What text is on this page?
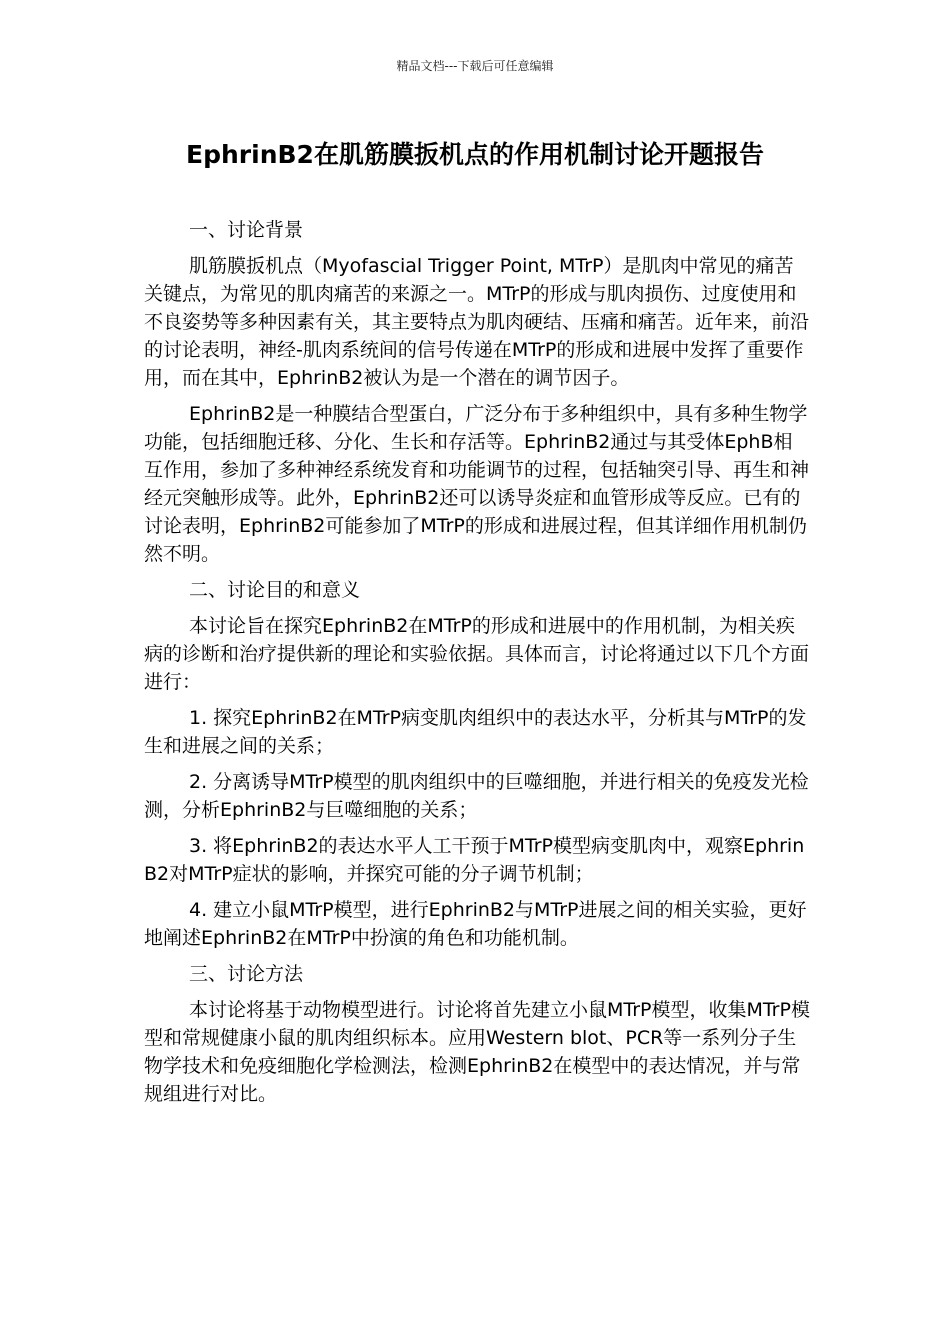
精品文档---下载后可任意编辑
EphrinB2在肌筋膜扳机点的作用机制讨论开题报告

一、讨论背景

肌筋膜扳机点（Myofascial Trigger Point, MTrP）是肌肉中常见的痛苦关键点，为常见的肌肉痛苦的来源之一。MTrP的形成与肌肉损伤、过度使用和不良姿势等多种因素有关，其主要特点为肌肉硬结、压痛和痛苦。近年来，前沿的讨论表明，神经-肌肉系统间的信号传递在MTrP的形成和进展中发挥了重要作用，而在其中，EphrinB2被认为是一个潜在的调节因子。

EphrinB2是一种膜结合型蛋白，广泛分布于多种组织中，具有多种生物学功能，包括细胞迁移、分化、生长和存活等。EphrinB2通过与其受体EphB相互作用，参加了多种神经系统发育和功能调节的过程，包括轴突引导、再生和神经元突触形成等。此外，EphrinB2还可以诱导炎症和血管形成等反应。已有的讨论表明，EphrinB2可能参加了MTrP的形成和进展过程，但其详细作用机制仍然不明。

二、讨论目的和意义

本讨论旨在探究EphrinB2在MTrP的形成和进展中的作用机制，为相关疾病的诊断和治疗提供新的理论和实验依据。具体而言，讨论将通过以下几个方面进行：

1. 探究EphrinB2在MTrP病变肌肉组织中的表达水平，分析其与MTrP的发生和进展之间的关系；

2. 分离诱导MTrP模型的肌肉组织中的巨噬细胞，并进行相关的免疫发光检测，分析EphrinB2与巨噬细胞的关系；

3. 将EphrinB2的表达水平人工干预于MTrP模型病变肌肉中，观察EphrinB2对MTrP症状的影响，并探究可能的分子调节机制；

4. 建立小鼠MTrP模型，进行EphrinB2与MTrP进展之间的相关实验，更好地阐述EphrinB2在MTrP中扮演的角色和功能机制。

三、讨论方法

本讨论将基于动物模型进行。讨论将首先建立小鼠MTrP模型，收集MTrP模型和常规健康小鼠的肌肉组织标本。应用Western blot、PCR等一系列分子生物学技术和免疫细胞化学检测法，检测EphrinB2在模型中的表达情况，并与常规组进行对比。
